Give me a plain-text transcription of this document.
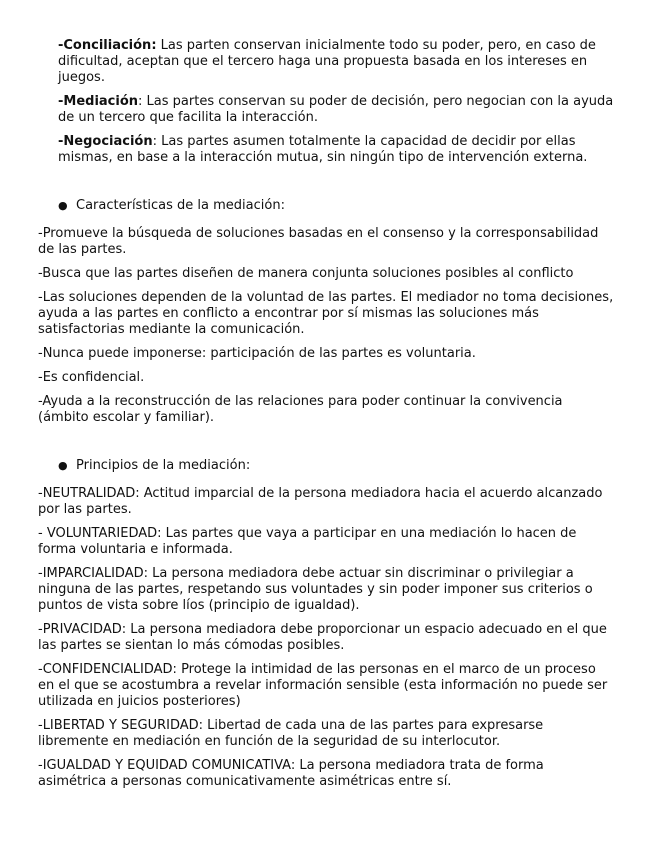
-Conciliación: Las parten conservan inicialmente todo su poder, pero, en caso de dificultad, aceptan que el tercero haga una propuesta basada en los intereses en juegos.

-Mediación: Las partes conservan su poder de decisión, pero negocian con la ayuda de un tercero que facilita la interacción.

-Negociación: Las partes asumen totalmente la capacidad de decidir por ellas mismas, en base a la interacción mutua, sin ningún tipo de intervención externa.

● Características de la mediación:

-Promueve la búsqueda de soluciones basadas en el consenso y la corresponsabilidad de las partes.

-Busca que las partes diseñen de manera conjunta soluciones posibles al conflicto

-Las soluciones dependen de la voluntad de las partes. El mediador no toma decisiones, ayuda a las partes en conflicto a encontrar por sí mismas las soluciones más satisfactorias mediante la comunicación.

-Nunca puede imponerse: participación de las partes es voluntaria.

-Es confidencial.

-Ayuda a la reconstrucción de las relaciones para poder continuar la convivencia (ámbito escolar y familiar).

● Principios de la mediación:

-NEUTRALIDAD: Actitud imparcial de la persona mediadora hacia el acuerdo alcanzado por las partes.

- VOLUNTARIEDAD: Las partes que vaya a participar en una mediación lo hacen de forma voluntaria e informada.

-IMPARCIALIDAD: La persona mediadora debe actuar sin discriminar o privilegiar a ninguna de las partes, respetando sus voluntades y sin poder imponer sus criterios o puntos de vista sobre líos (principio de igualdad).

-PRIVACIDAD: La persona mediadora debe proporcionar un espacio adecuado en el que las partes se sientan lo más cómodas posibles.

-CONFIDENCIALIDAD: Protege la intimidad de las personas en el marco de un proceso en el que se acostumbra a revelar información sensible (esta información no puede ser utilizada en juicios posteriores)

-LIBERTAD Y SEGURIDAD: Libertad de cada una de las partes para expresarse libremente en mediación en función de la seguridad de su interlocutor.

-IGUALDAD Y EQUIDAD COMUNICATIVA: La persona mediadora trata de forma asimétrica a personas comunicativamente asimétricas entre sí.
